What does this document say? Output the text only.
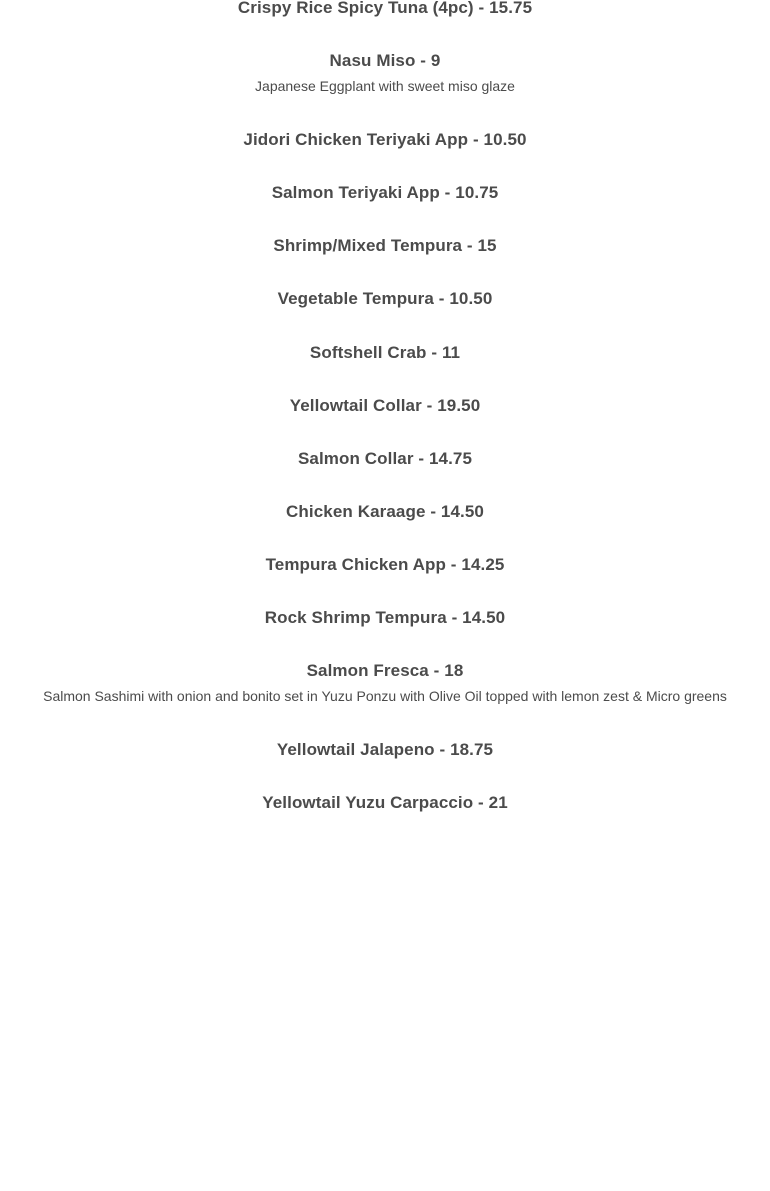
Crispy Rice Spicy Tuna (4pc) - 15.75
Nasu Miso - 9
Japanese Eggplant with sweet miso glaze
Jidori Chicken Teriyaki App - 10.50
Salmon Teriyaki App - 10.75
Shrimp/Mixed Tempura - 15
Vegetable Tempura - 10.50
Softshell Crab - 11
Yellowtail Collar - 19.50
Salmon Collar - 14.75
Chicken Karaage - 14.50
Tempura Chicken App - 14.25
Rock Shrimp Tempura - 14.50
Salmon Fresca - 18
Salmon Sashimi with onion and bonito set in Yuzu Ponzu with Olive Oil topped with lemon zest & Micro greens
Yellowtail Jalapeno - 18.75
Yellowtail Yuzu Carpaccio - 21
